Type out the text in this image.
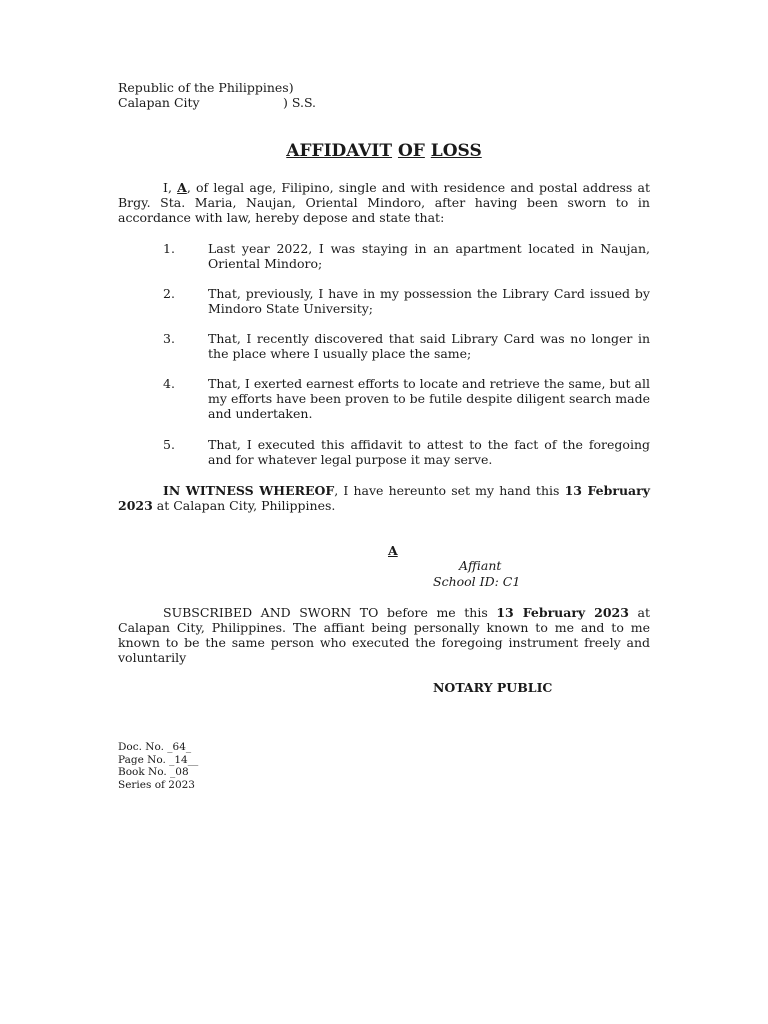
Republic of the Philippines)
Calapan City	) S.S.
AFFIDAVIT OF LOSS
I, A, of legal age, Filipino, single and with residence and postal address at Brgy. Sta. Maria, Naujan, Oriental Mindoro, after having been sworn to in accordance with law, hereby depose and state that:
1.	Last year 2022, I was staying in an apartment located in Naujan, Oriental Mindoro;
2.	That, previously, I have in my possession the Library Card issued by Mindoro State University;
3.	That, I recently discovered that said Library Card was no longer in the place where I usually place the same;
4.	That, I exerted earnest efforts to locate and retrieve the same, but all my efforts have been proven to be futile despite diligent search made and undertaken.
5.	That, I executed this affidavit to attest to the fact of the foregoing and for whatever legal purpose it may serve.
IN WITNESS WHEREOF, I have hereunto set my hand this 13 February 2023 at Calapan City, Philippines.
A
Affiant
School ID: C1
SUBSCRIBED AND SWORN TO before me this 13 February 2023 at Calapan City, Philippines. The affiant being personally known to me and to me known to be the same person who executed the foregoing instrument freely and voluntarily
NOTARY PUBLIC
Doc. No. _64_
Page No. _14__
Book No. _08
Series of 2023
